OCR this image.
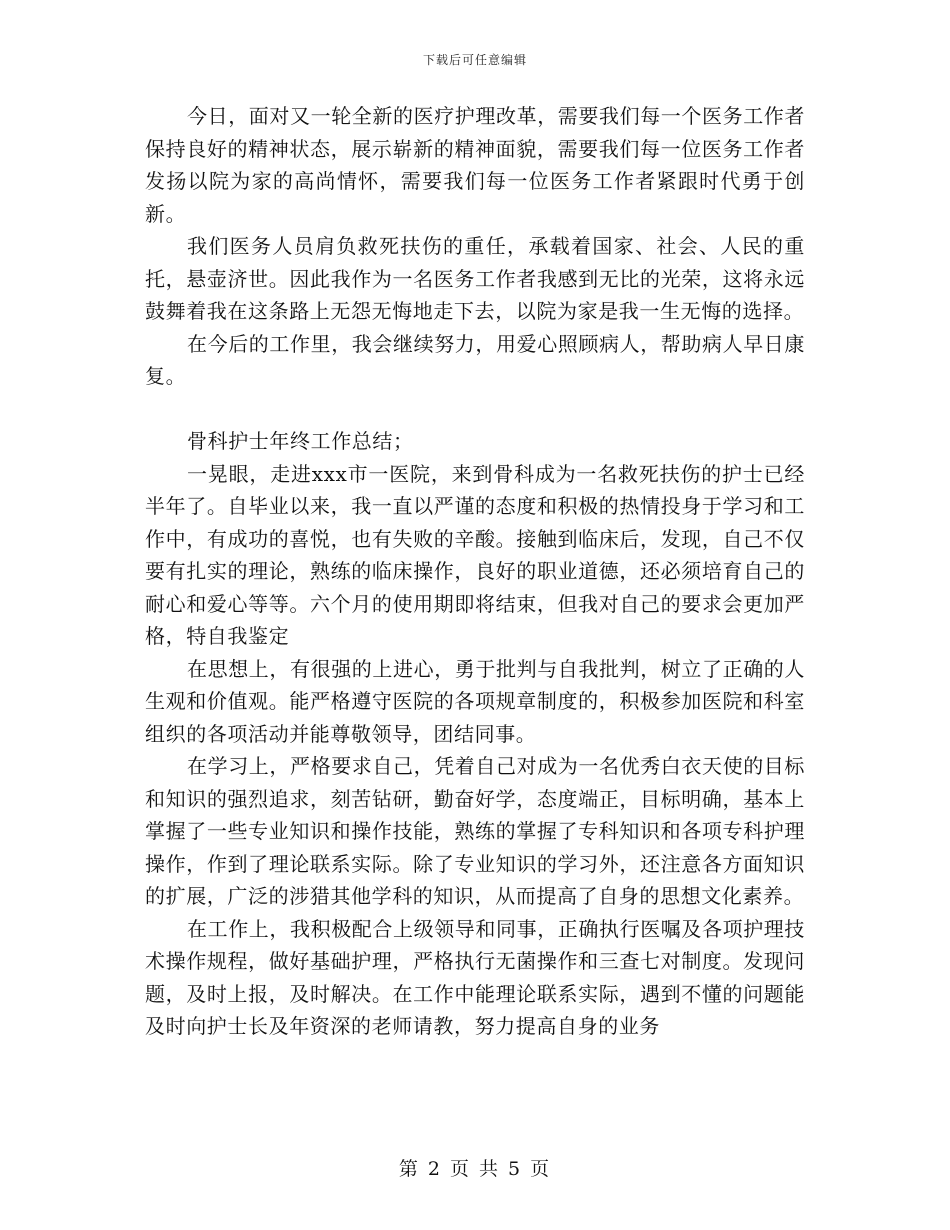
下载后可任意编辑

今日，面对又一轮全新的医疗护理改革，需要我们每一个医务工作者保持良好的精神状态，展示崭新的精神面貌，需要我们每一位医务工作者发扬以院为家的高尚情怀，需要我们每一位医务工作者紧跟时代勇于创新。

我们医务人员肩负救死扶伤的重任，承载着国家、社会、人民的重托，悬壶济世。因此我作为一名医务工作者我感到无比的光荣，这将永远鼓舞着我在这条路上无怨无悔地走下去，以院为家是我一生无悔的选择。

在今后的工作里，我会继续努力，用爱心照顾病人，帮助病人早日康复。

骨科护士年终工作总结；

一晃眼，走进xxx市一医院，来到骨科成为一名救死扶伤的护士已经半年了。自毕业以来，我一直以严谨的态度和积极的热情投身于学习和工作中，有成功的喜悦，也有失败的辛酸。接触到临床后，发现，自己不仅要有扎实的理论，熟练的临床操作，良好的职业道德，还必须培育自己的耐心和爱心等等。六个月的使用期即将结束，但我对自己的要求会更加严格，特自我鉴定

在思想上，有很强的上进心，勇于批判与自我批判，树立了正确的人生观和价值观。能严格遵守医院的各项规章制度的，积极参加医院和科室组织的各项活动并能尊敬领导，团结同事。

在学习上，严格要求自己，凭着自己对成为一名优秀白衣天使的目标和知识的强烈追求，刻苦钻研，勤奋好学，态度端正，目标明确，基本上掌握了一些专业知识和操作技能，熟练的掌握了专科知识和各项专科护理操作，作到了理论联系实际。除了专业知识的学习外，还注意各方面知识的扩展，广泛的涉猎其他学科的知识，从而提高了自身的思想文化素养。

在工作上，我积极配合上级领导和同事，正确执行医嘱及各项护理技术操作规程，做好基础护理，严格执行无菌操作和三查七对制度。发现问题，及时上报，及时解决。在工作中能理论联系实际，遇到不懂的问题能及时向护士长及年资深的老师请教，努力提高自身的业务

第 2 页 共 5 页
